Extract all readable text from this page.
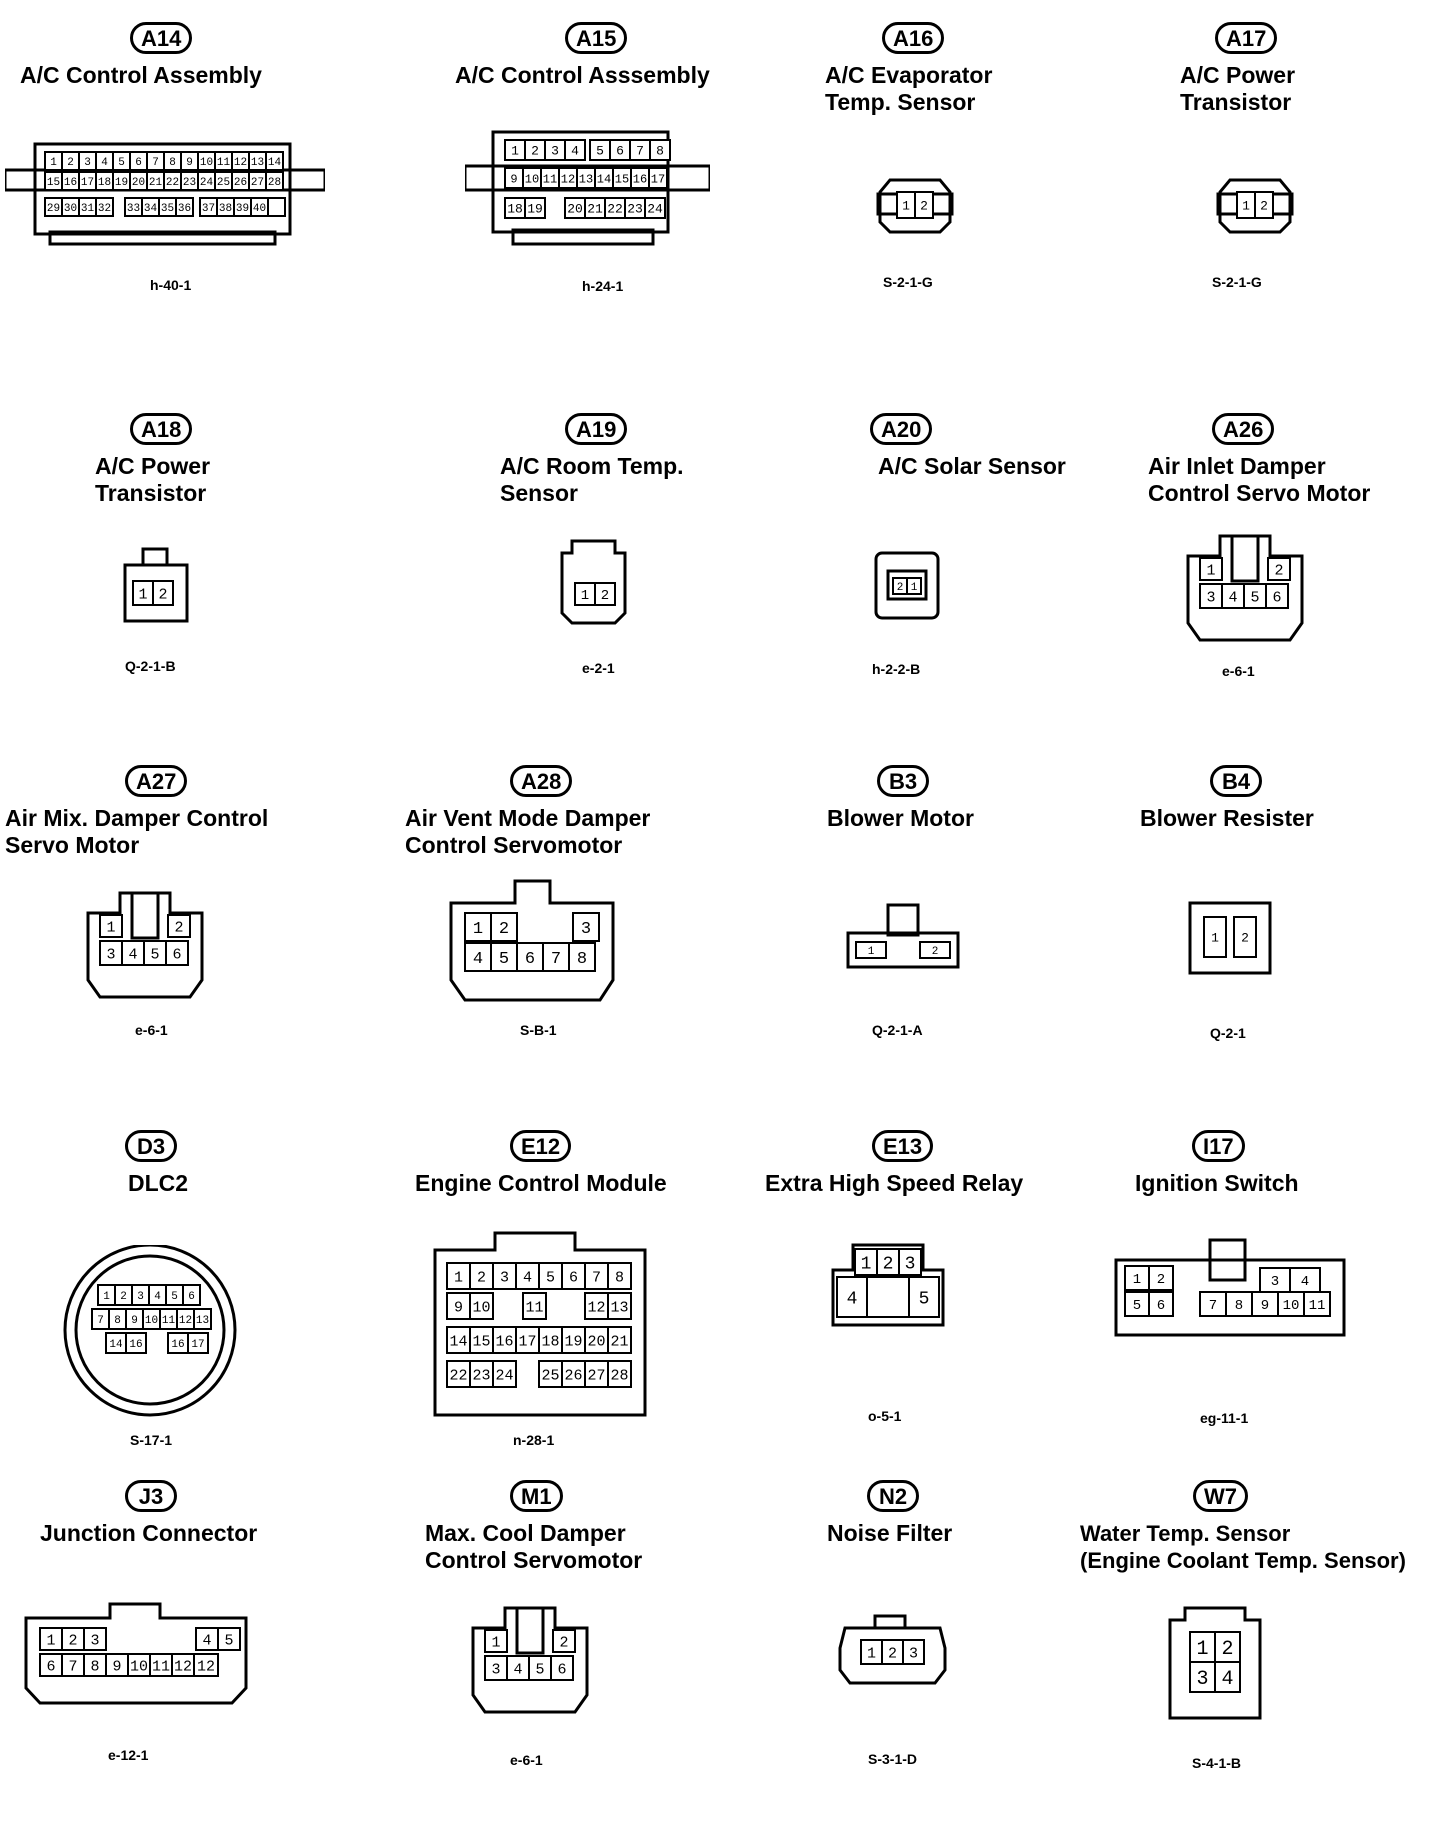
A14
A/C Control Assembly
1 2 3 4 5 6 7 8 9 10 11 12 13 14
15 16 17 18 19 20 21 22 23 24 25 26 27 28
29 30 31 32 33 34 35 36 37 38 39 40
h-40-1
A15
A/C Control Asssembly
1 2 3 4 5 6 7 8
9 10 11 12 13 14 15 16 17
18 19 20 21 22 23 24
h-24-1
A16
A/C Evaporator
Temp. Sensor
1 2
S-2-1-G
A17
A/C Power
Transistor
1 2
S-2-1-G
A18
A/C Power
Transistor
1 2
Q-2-1-B
A19
A/C Room Temp.
Sensor
1 2
e-2-1
A20
A/C Solar Sensor
2 1
h-2-2-B
A26
Air Inlet Damper
Control Servo Motor
1	2
3 4 5 6
e-6-1
A27
Air Mix. Damper Control
Servo Motor
1	2
3 4 5 6
e-6-1
A28
Air Vent Mode Damper
Control Servomotor
1 2	3
4 5 6 7 8
S-B-1
B3
Blower Motor
1	2
Q-2-1-A
B4
Blower Resister
1 2
Q-2-1
D3
DLC2
1 2 3 4 5 6
7 8 9 10 11 12 13
14 16	16 17
S-17-1
E12
Engine Control Module
1 2 3 4 5 6 7 8
9 10 11	12 13
14 15 16 17 18 19 20 21
22 23 24 25 26 27 28
n-28-1
E13
Extra High Speed Relay
1 2 3
4	5
o-5-1
I17
Ignition Switch
1 2	3 4
5 6	7 8 9 10 11
eg-11-1
J3
Junction Connector
1 2 3	4 5
6 7 8 9 10 11 12 12
e-12-1
M1
Max. Cool Damper
Control Servomotor
1	2
3 4 5 6
e-6-1
N2
Noise Filter
1 2 3
S-3-1-D
W7
Water Temp. Sensor
(Engine Coolant Temp. Sensor)
1 2
3 4
S-4-1-B
